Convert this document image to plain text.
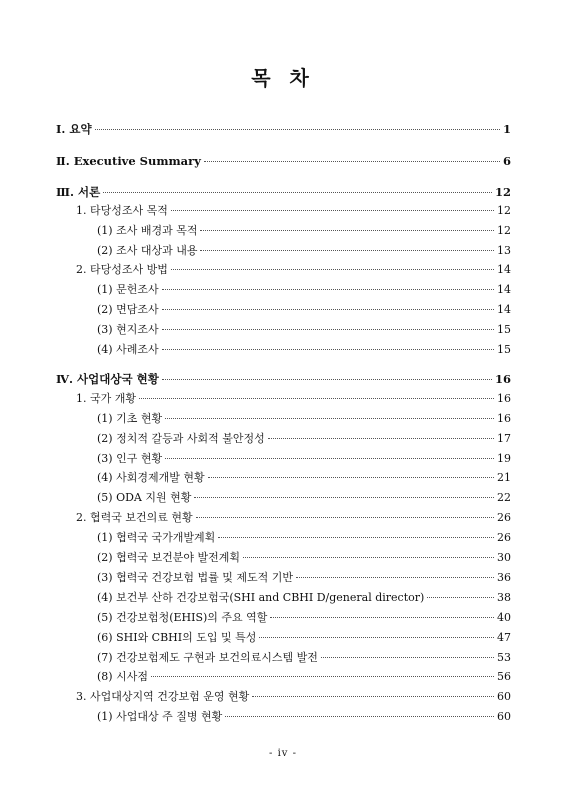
목 차
Ⅰ. 요약	1
Ⅱ. Executive Summary	6
Ⅲ. 서론	12
1. 타당성조사 목적	12
(1) 조사 배경과 목적	12
(2) 조사 대상과 내용	13
2. 타당성조사 방법	14
(1) 문헌조사	14
(2) 면담조사	14
(3) 현지조사	15
(4) 사례조사	15
Ⅳ. 사업대상국 현황	16
1. 국가 개황	16
(1) 기초 현황	16
(2) 정치적 갈등과 사회적 불안정성	17
(3) 인구 현황	19
(4) 사회경제개발 현황	21
(5) ODA 지원 현황	22
2. 협력국 보건의료 현황	26
(1) 협력국 국가개발계획	26
(2) 협력국 보건분야 발전계획	30
(3) 협력국 건강보험 법률 및 제도적 기반	36
(4) 보건부 산하 건강보험국(SHI and CBHI D/general director)	38
(5) 건강보험청(EHIS)의 주요 역할	40
(6) SHI와 CBHI의 도입 및 특성	47
(7) 건강보험제도 구현과 보건의료시스템 발전	53
(8) 시사점	56
3. 사업대상지역 건강보험 운영 현황	60
(1) 사업대상 주 질병 현황	60
- iv -
